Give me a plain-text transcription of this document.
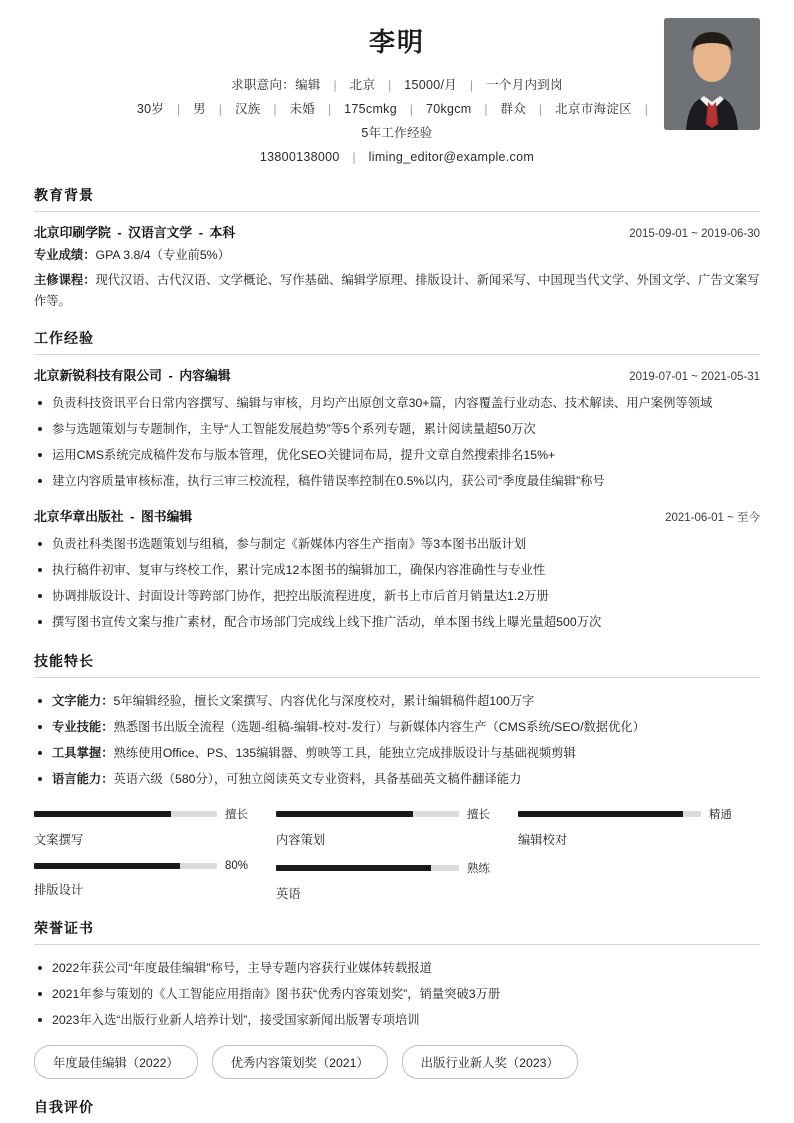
李明
求职意向：编辑 | 北京 | 15000/月 | 一个月内到岗
30岁 | 男 | 汉族 | 未婚 | 175cmkg | 70kgcm | 群众 | 北京市海淀区 |
5年工作经验
13800138000 | liming_editor@example.com
教育背景
北京印刷学院 - 汉语言文学 - 本科	2015-09-01 ~ 2019-06-30
专业成绩：GPA 3.8/4（专业前5%）
主修课程：现代汉语、古代汉语、文学概论、写作基础、编辑学原理、排版设计、新闻采写、中国现当代文学、外国文学、广告文案写作等。
工作经验
北京新锐科技有限公司 - 内容编辑	2019-07-01 ~ 2021-05-31
负责科技资讯平台日常内容撰写、编辑与审核，月均产出原创文章30+篇，内容覆盖行业动态、技术解读、用户案例等领域
参与选题策划与专题制作，主导“人工智能发展趋势”等5个系列专题，累计阅读量超50万次
运用CMS系统完成稿件发布与版本管理，优化SEO关键词布局，提升文章自然搜索排名15%+
建立内容质量审核标准，执行三审三校流程，稿件错误率控制在0.5%以内，获公司“季度最佳编辑”称号
北京华章出版社 - 图书编辑	2021-06-01 ~ 至今
负责社科类图书选题策划与组稿，参与制定《新媒体内容生产指南》等3本图书出版计划
执行稿件初审、复审与终校工作，累计完成12本图书的编辑加工，确保内容准确性与专业性
协调排版设计、封面设计等跨部门协作，把控出版流程进度，新书上市后首月销量达1.2万册
撰写图书宣传文案与推广素材，配合市场部门完成线上线下推广活动，单本图书线上曝光量超500万次
技能特长
文字能力：5年编辑经验，擅长文案撰写、内容优化与深度校对，累计编辑稿件超100万字
专业技能：熟悉图书出版全流程（选题-组稿-编辑-校对-发行）与新媒体内容生产（CMS系统/SEO/数据优化）
工具掌握：熟练使用Office、PS、135编辑器、剪映等工具，能独立完成排版设计与基础视频剪辑
语言能力：英语六级（580分），可独立阅读英文专业资料，具备基础英文稿件翻译能力
擅长
文案撰写
擅长
内容策划
精通
编辑校对
80%
排版设计
熟练
英语
荣誉证书
2022年获公司“年度最佳编辑”称号，主导专题内容获行业媒体转载报道
2021年参与策划的《人工智能应用指南》图书获“优秀内容策划奖”，销量突破3万册
2023年入选“出版行业新人培养计划”，接受国家新闻出版署专项培训
年度最佳编辑（2022）	优秀内容策划奖（2021）	出版行业新人奖（2023）
自我评价
